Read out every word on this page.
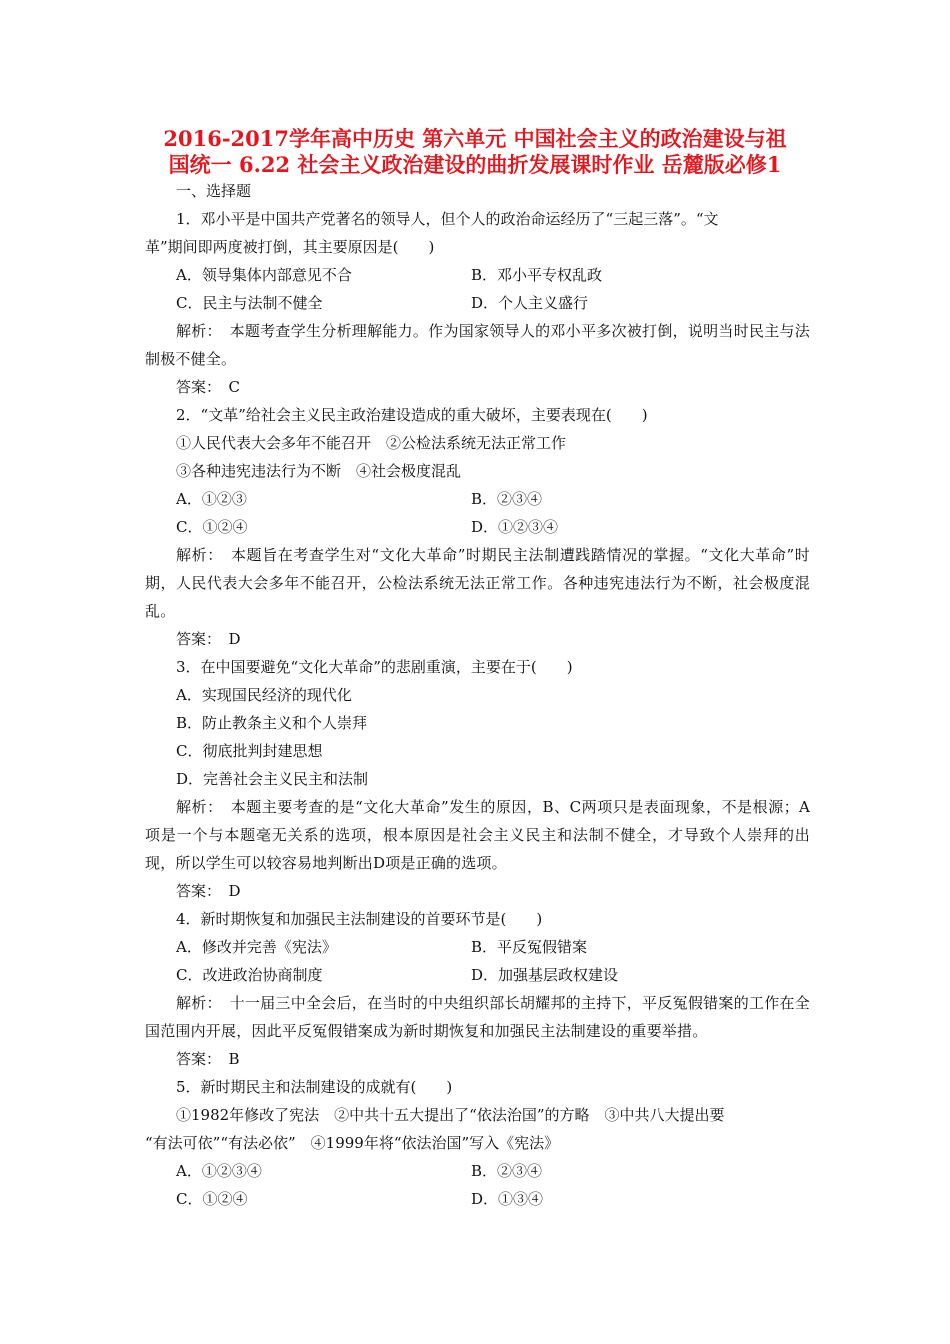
2016-2017学年高中历史 第六单元 中国社会主义的政治建设与祖
国统一 6.22 社会主义政治建设的曲折发展课时作业 岳麓版必修1
一、选择题
1．邓小平是中国共产党著名的领导人，但个人的政治命运经历了“三起三落”。“文
革”期间即两度被打倒，其主要原因是(　　)
A．领导集体内部意见不合	B．邓小平专权乱政
C．民主与法制不健全	D．个人主义盛行
解析：　本题考查学生分析理解能力。作为国家领导人的邓小平多次被打倒，说明当时民主与法制极不健全。
答案：　C
2．“文革”给社会主义民主政治建设造成的重大破坏，主要表现在(　　)
①人民代表大会多年不能召开　②公检法系统无法正常工作
③各种违宪违法行为不断　④社会极度混乱
A．①②③	B．②③④
C．①②④	D．①②③④
解析：　本题旨在考查学生对“文化大革命”时期民主法制遭践踏情况的掌握。“文化大革命”时期，人民代表大会多年不能召开，公检法系统无法正常工作。各种违宪违法行为不断，社会极度混乱。
答案：　D
3．在中国要避免“文化大革命”的悲剧重演，主要在于(　　)
A．实现国民经济的现代化
B．防止教条主义和个人崇拜
C．彻底批判封建思想
D．完善社会主义民主和法制
解析：　本题主要考查的是“文化大革命”发生的原因，B、C两项只是表面现象，不是根源；A项是一个与本题毫无关系的选项，根本原因是社会主义民主和法制不健全，才导致个人崇拜的出现，所以学生可以较容易地判断出D项是正确的选项。
答案：　D
4．新时期恢复和加强民主法制建设的首要环节是(　　)
A．修改并完善《宪法》	B．平反冤假错案
C．改进政治协商制度	D．加强基层政权建设
解析：　十一届三中全会后，在当时的中央组织部长胡耀邦的主持下，平反冤假错案的工作在全国范围内开展，因此平反冤假错案成为新时期恢复和加强民主法制建设的重要举措。
答案：　B
5．新时期民主和法制建设的成就有(　　)
①1982年修改了宪法　②中共十五大提出了“依法治国”的方略　③中共八大提出要
“有法可依”“有法必依”　④1999年将“依法治国”写入《宪法》
A．①②③④	B．②③④
C．①②④	D．①③④
